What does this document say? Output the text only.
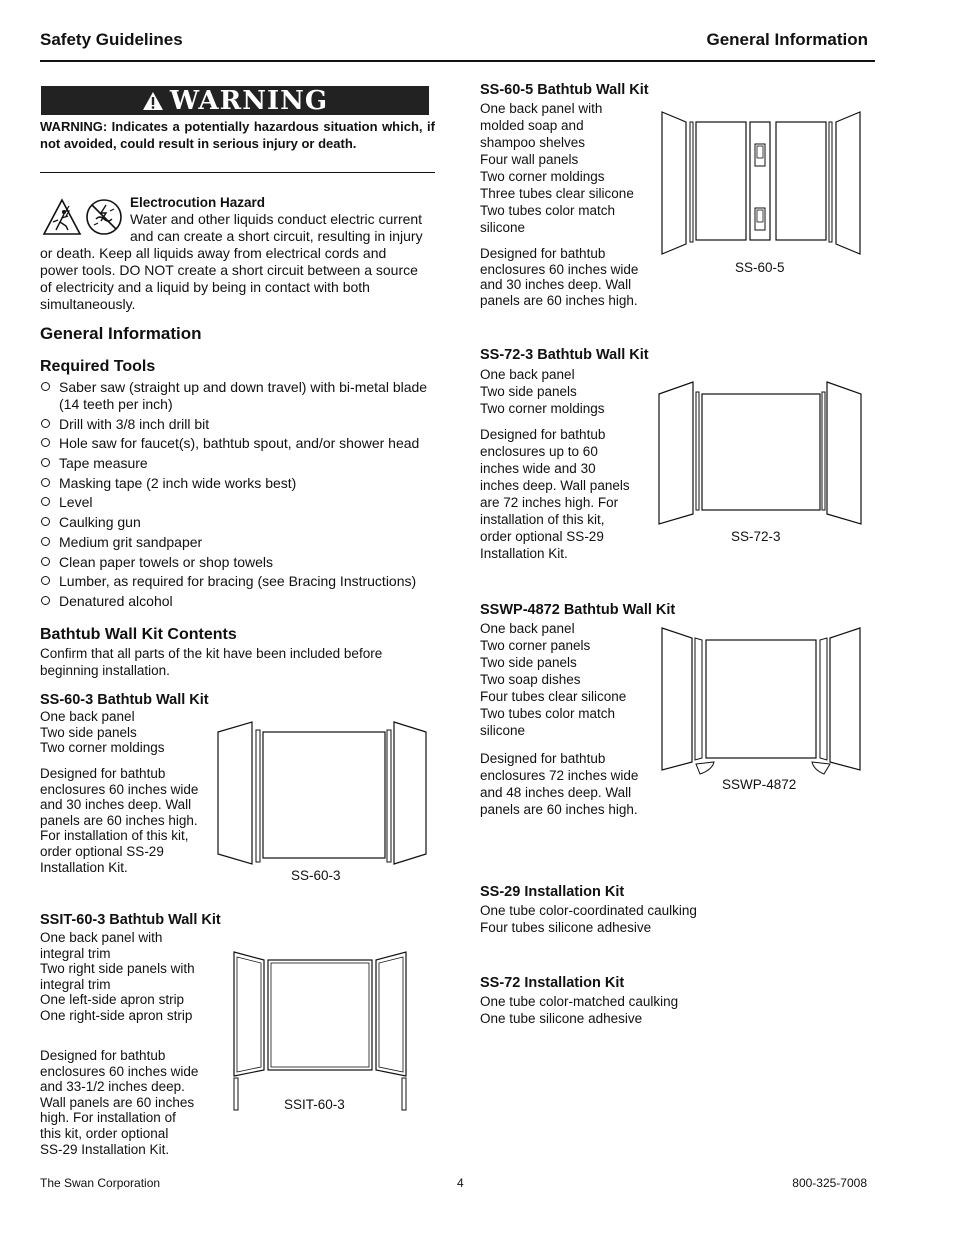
Safety Guidelines	General Information
WARNING
WARNING: Indicates a potentially hazardous situation which, if not avoided, could result in serious injury or death.
Electrocution Hazard
Water and other liquids conduct electric current
and can create a short circuit, resulting in injury
or death. Keep all liquids away from electrical cords and
power tools. DO NOT create a short circuit between a source
of electricity and a liquid by being in contact with both
simultaneously.
General Information
Required Tools
Saber saw (straight up and down travel) with bi-metal blade (14 teeth per inch)
Drill with 3/8 inch drill bit
Hole saw for faucet(s), bathtub spout, and/or shower head
Tape measure
Masking tape (2 inch wide works best)
Level
Caulking gun
Medium grit sandpaper
Clean paper towels or shop towels
Lumber, as required for bracing (see Bracing Instructions)
Denatured alcohol
Bathtub Wall Kit Contents
Confirm that all parts of the kit have been included before
beginning installation.
SS-60-3 Bathtub Wall Kit
One back panel
Two side panels
Two corner moldings
Designed for bathtub
enclosures 60 inches wide
and 30 inches deep. Wall
panels are 60 inches high.
For installation of this kit,
order optional SS-29
Installation Kit.
SS-60-3
SSIT-60-3 Bathtub Wall Kit
One back panel with
integral trim
Two right side panels with
integral trim
One left-side apron strip
One right-side apron strip
Designed for bathtub
enclosures 60 inches wide
and 33-1/2 inches deep.
Wall panels are 60 inches
high. For installation of
this kit, order optional
SS-29 Installation Kit.
SSIT-60-3
SS-60-5 Bathtub Wall Kit
One back panel with
molded soap and
shampoo shelves
Four wall panels
Two corner moldings
Three tubes clear silicone
Two tubes color match
silicone
Designed for bathtub
enclosures 60 inches wide
and 30 inches deep. Wall
panels are 60 inches high.
SS-60-5
SS-72-3 Bathtub Wall Kit
One back panel
Two side panels
Two corner moldings
Designed for bathtub
enclosures up to 60
inches wide and 30
inches deep. Wall panels
are 72 inches high. For
installation of this kit,
order optional SS-29
Installation Kit.
SS-72-3
SSWP-4872 Bathtub Wall Kit
One back panel
Two corner panels
Two side panels
Two soap dishes
Four tubes clear silicone
Two tubes color match
silicone
Designed for bathtub
enclosures 72 inches wide
and 48 inches deep. Wall
panels are 60 inches high.
SSWP-4872
SS-29 Installation Kit
One tube color-coordinated caulking
Four tubes silicone adhesive
SS-72 Installation Kit
One tube color-matched caulking
One tube silicone adhesive
The Swan Corporation	4	800-325-7008
